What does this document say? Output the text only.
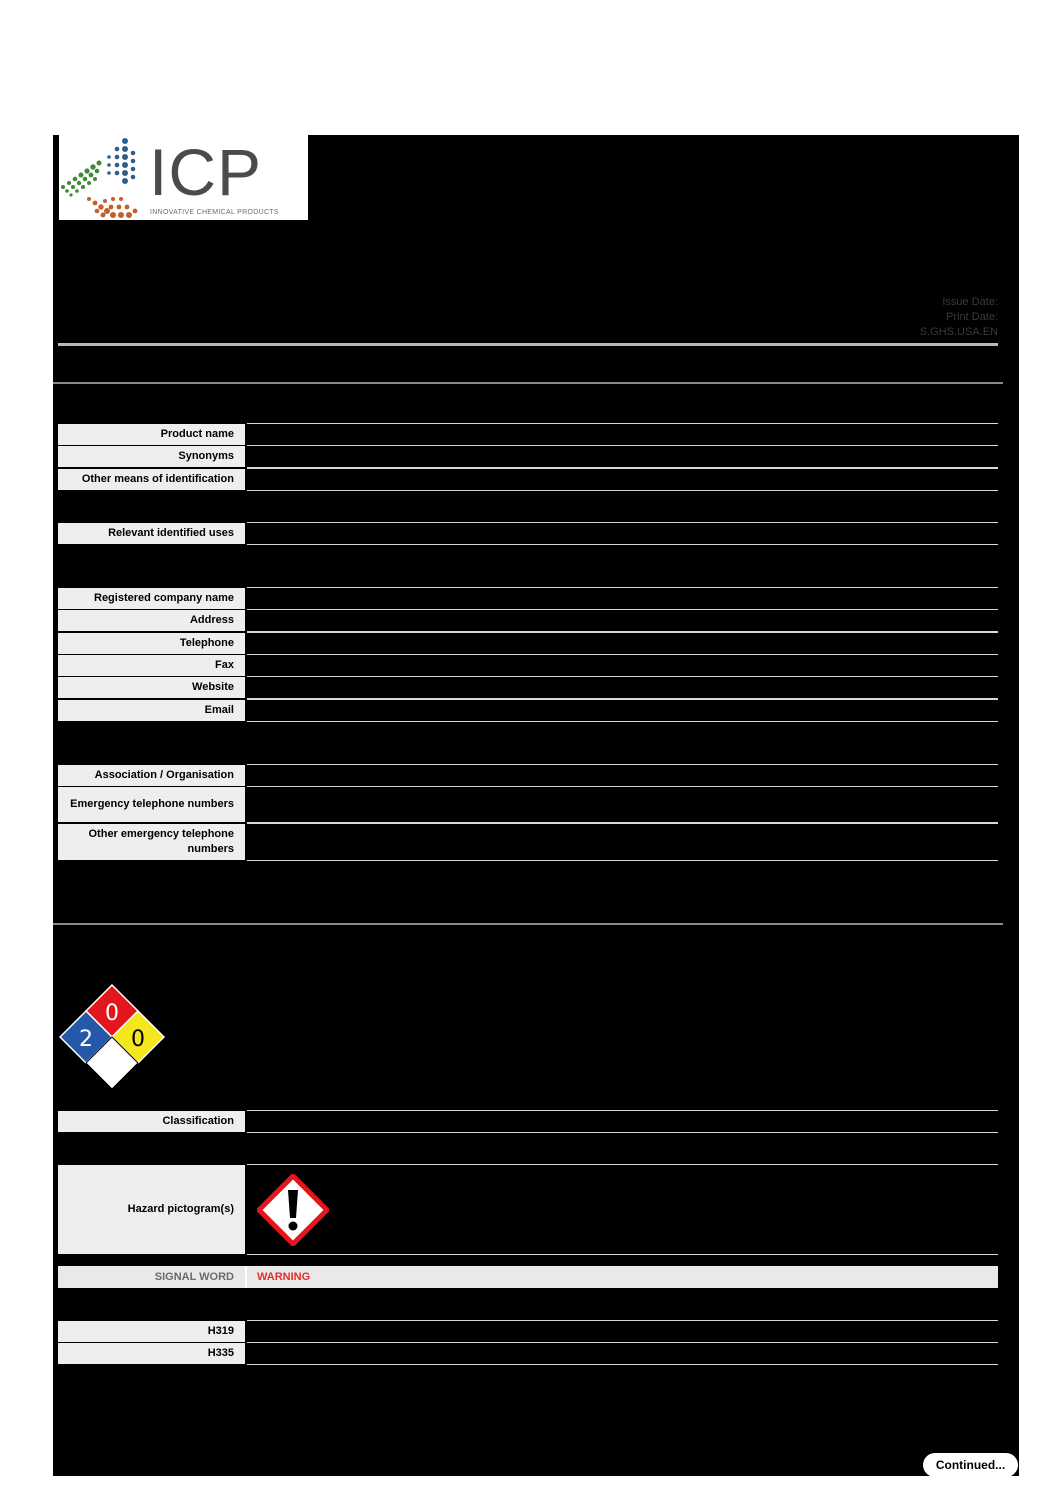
ICP
INNOVATIVE CHEMICAL PRODUCTS
Issue Date:
Print Date:
S.GHS.USA.EN
Product name
Synonyms
Other means of identification
Relevant identified uses
Registered company name
Address
Telephone
Fax
Website
Email
Association / Organisation
Emergency telephone numbers
Other emergency telephone numbers
0
2 0
Classification
Hazard pictogram(s)
SIGNAL WORD	WARNING
H319
H335
Continued...
